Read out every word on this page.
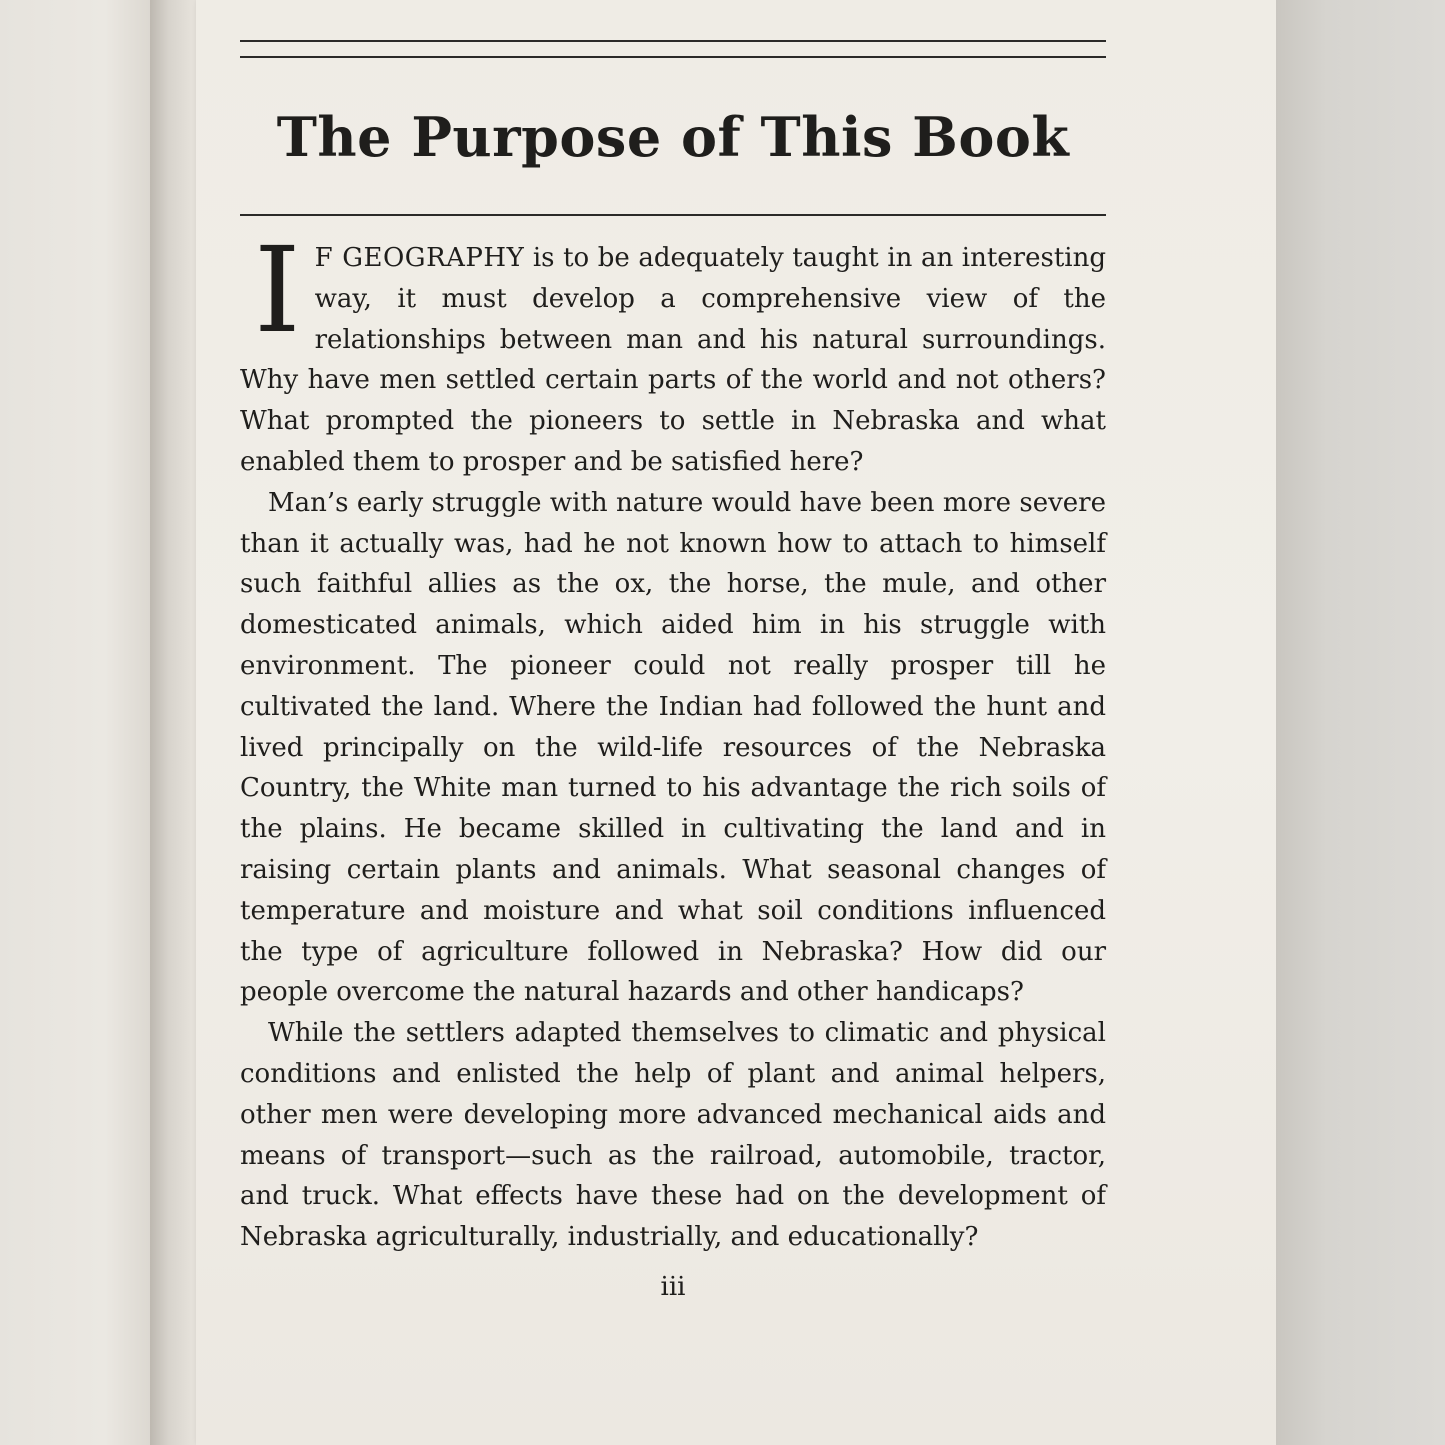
The Purpose of This Book

I F GEOGRAPHY is to be adequately taught in an interesting way, it must develop a comprehensive view of the relationships between man and his natural surroundings. Why have men settled certain parts of the world and not others? What prompted the pioneers to settle in Nebraska and what enabled them to prosper and be satisfied here?

Man’s early struggle with nature would have been more severe than it actually was, had he not known how to attach to himself such faithful allies as the ox, the horse, the mule, and other domesticated animals, which aided him in his struggle with environment. The pioneer could not really prosper till he cultivated the land. Where the Indian had followed the hunt and lived principally on the wild-life resources of the Nebraska Country, the White man turned to his advantage the rich soils of the plains. He became skilled in cultivating the land and in raising certain plants and animals. What seasonal changes of temperature and moisture and what soil conditions influenced the type of agriculture followed in Nebraska? How did our people overcome the natural hazards and other handicaps?

While the settlers adapted themselves to climatic and physical conditions and enlisted the help of plant and animal helpers, other men were developing more advanced mechanical aids and means of transport—such as the railroad, automobile, tractor, and truck. What effects have these had on the development of Nebraska agriculturally, industrially, and educationally?

iii
